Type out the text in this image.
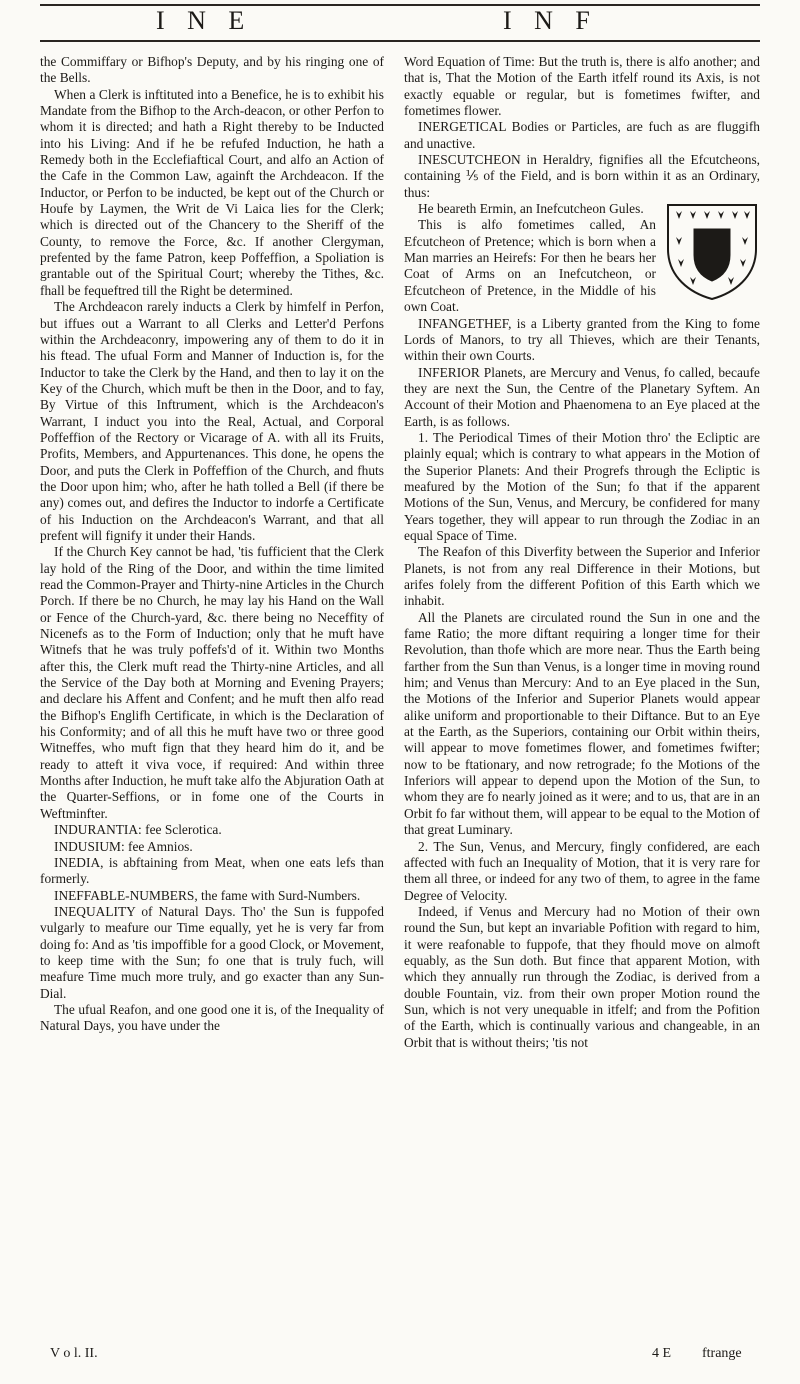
I N E	I N F

the Commiffary or Bifhop's Deputy, and by his ringing one of the Bells.

When a Clerk is inftituted into a Benefice, he is to exhibit his Mandate from the Bifhop to the Arch-deacon, or other Perfon to whom it is directed; and hath a Right thereby to be Inducted into his Living: And if he be refufed Induction, he hath a Remedy both in the Ecclefiaftical Court, and alfo an Action of the Cafe in the Common Law, againft the Archdeacon. If the Inductor, or Perfon to be inducted, be kept out of the Church or Houfe by Laymen, the Writ de Vi Laica lies for the Clerk; which is directed out of the Chancery to the Sheriff of the County, to remove the Force, &c. If another Clergyman, prefented by the fame Patron, keep Poffeffion, a Spoliation is grantable out of the Spiritual Court; whereby the Tithes, &c. fhall be fequeftred till the Right be determined.

The Archdeacon rarely inducts a Clerk by himfelf in Perfon, but iffues out a Warrant to all Clerks and Letter'd Perfons within the Archdeaconry, impowering any of them to do it in his ftead. The ufual Form and Manner of Induction is, for the Inductor to take the Clerk by the Hand, and then to lay it on the Key of the Church, which muft be then in the Door, and to fay, By Virtue of this Inftrument, which is the Archdeacon's Warrant, I induct you into the Real, Actual, and Corporal Poffeffion of the Rectory or Vicarage of A. with all its Fruits, Profits, Members, and Appurtenances. This done, he opens the Door, and puts the Clerk in Poffeffion of the Church, and fhuts the Door upon him; who, after he hath tolled a Bell (if there be any) comes out, and defires the Inductor to indorfe a Certificate of his Induction on the Archdeacon's Warrant, and that all prefent will fignify it under their Hands.

If the Church Key cannot be had, 'tis fufficient that the Clerk lay hold of the Ring of the Door, and within the time limited read the Common-Prayer and Thirty-nine Articles in the Church Porch. If there be no Church, he may lay his Hand on the Wall or Fence of the Church-yard, &c. there being no Neceffity of Nicenefs as to the Form of Induction; only that he muft have Witnefs that he was truly poffefs'd of it. Within two Months after this, the Clerk muft read the Thirty-nine Articles, and all the Service of the Day both at Morning and Evening Prayers; and declare his Affent and Confent; and he muft then alfo read the Bifhop's Englifh Certificate, in which is the Declaration of his Conformity; and of all this he muft have two or three good Witneffes, who muft fign that they heard him do it, and be ready to atteft it viva voce, if required: And within three Months after Induction, he muft take alfo the Abjuration Oath at the Quarter-Seffions, or in fome one of the Courts in Weftminfter.

INDURANTIA: fee Sclerotica.

INDUSIUM: fee Amnios.

INEDIA, is abftaining from Meat, when one eats lefs than formerly.

INEFFABLE-NUMBERS, the fame with Surd-Numbers.

INEQUALITY of Natural Days. Tho' the Sun is fuppofed vulgarly to meafure our Time equally, yet he is very far from doing fo: And as 'tis impoffible for a good Clock, or Movement, to keep time with the Sun; fo one that is truly fuch, will meafure Time much more truly, and go exacter than any Sun-Dial.

The ufual Reafon, and one good one it is, of the Inequality of Natural Days, you have under the

Word Equation of Time: But the truth is, there is alfo another; and that is, That the Motion of the Earth itfelf round its Axis, is not exactly equable or regular, but is fometimes fwifter, and fometimes flower.

INERGETICAL Bodies or Particles, are fuch as are fluggifh and unactive.

INESCUTCHEON in Heraldry, fignifies all the Efcutcheons, containing ⅕ of the Field, and is born within it as an Ordinary, thus:

He beareth Ermin, an Inefcutcheon Gules.

This is alfo fometimes called, An Efcutcheon of Pretence; which is born when a Man marries an Heirefs: For then he bears her Coat of Arms on an Inefcutcheon, or Efcutcheon of Pretence, in the Middle of his own Coat.

INFANGETHEF, is a Liberty granted from the King to fome Lords of Manors, to try all Thieves, which are their Tenants, within their own Courts.

INFERIOR Planets, are Mercury and Venus, fo called, becaufe they are next the Sun, the Centre of the Planetary Syftem. An Account of their Motion and Phaenomena to an Eye placed at the Earth, is as follows.

1. The Periodical Times of their Motion thro' the Ecliptic are plainly equal; which is contrary to what appears in the Motion of the Superior Planets: And their Progrefs through the Ecliptic is meafured by the Motion of the Sun; fo that if the apparent Motions of the Sun, Venus, and Mercury, be confidered for many Years together, they will appear to run through the Zodiac in an equal Space of Time.

The Reafon of this Diverfity between the Superior and Inferior Planets, is not from any real Difference in their Motions, but arifes folely from the different Pofition of this Earth which we inhabit.

All the Planets are circulated round the Sun in one and the fame Ratio; the more diftant requiring a longer time for their Revolution, than thofe which are more near. Thus the Earth being farther from the Sun than Venus, is a longer time in moving round him; and Venus than Mercury: And to an Eye placed in the Sun, the Motions of the Inferior and Superior Planets would appear alike uniform and proportionable to their Diftance. But to an Eye at the Earth, as the Superiors, containing our Orbit within theirs, will appear to move fometimes flower, and fometimes fwifter; now to be ftationary, and now retrograde; fo the Motions of the Inferiors will appear to depend upon the Motion of the Sun, to whom they are fo nearly joined as it were; and to us, that are in an Orbit fo far without them, will appear to be equal to the Motion of that great Luminary.

2. The Sun, Venus, and Mercury, fingly confidered, are each affected with fuch an Inequality of Motion, that it is very rare for them all three, or indeed for any two of them, to agree in the fame Degree of Velocity.

Indeed, if Venus and Mercury had no Motion of their own round the Sun, but kept an invariable Pofition with regard to him, it were reafonable to fuppofe, that they fhould move on almoft equably, as the Sun doth. But fince that apparent Motion, with which they annually run through the Zodiac, is derived from a double Fountain, viz. from their own proper Motion round the Sun, which is not very unequable in itfelf; and from the Pofition of the Earth, which is continually various and changeable, in an Orbit that is without theirs; 'tis not

V o l. II.	4 E ftrange
